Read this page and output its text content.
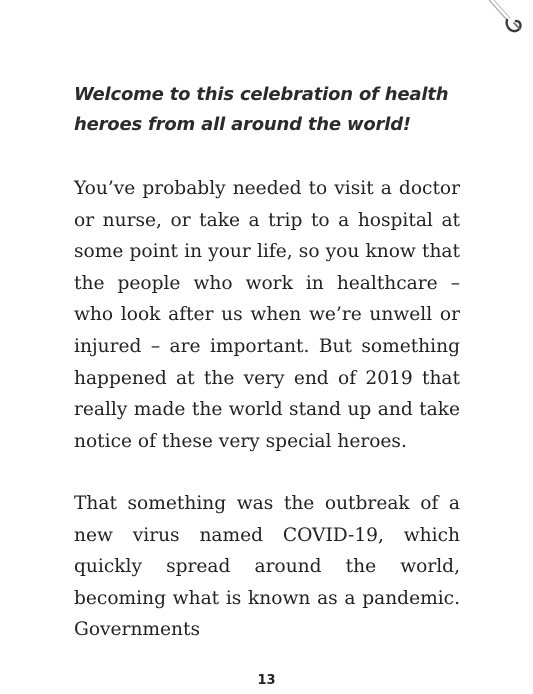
Welcome to this celebration of health heroes from all around the world!

You’ve probably needed to visit a doctor or nurse, or take a trip to a hospital at some point in your life, so you know that the people who work in healthcare – who look after us when we’re unwell or injured – are important. But something happened at the very end of 2019 that really made the world stand up and take notice of these very special heroes.

That something was the outbreak of a new virus named COVID-19, which quickly spread around the world, becoming what is known as a pandemic. Governments

13
